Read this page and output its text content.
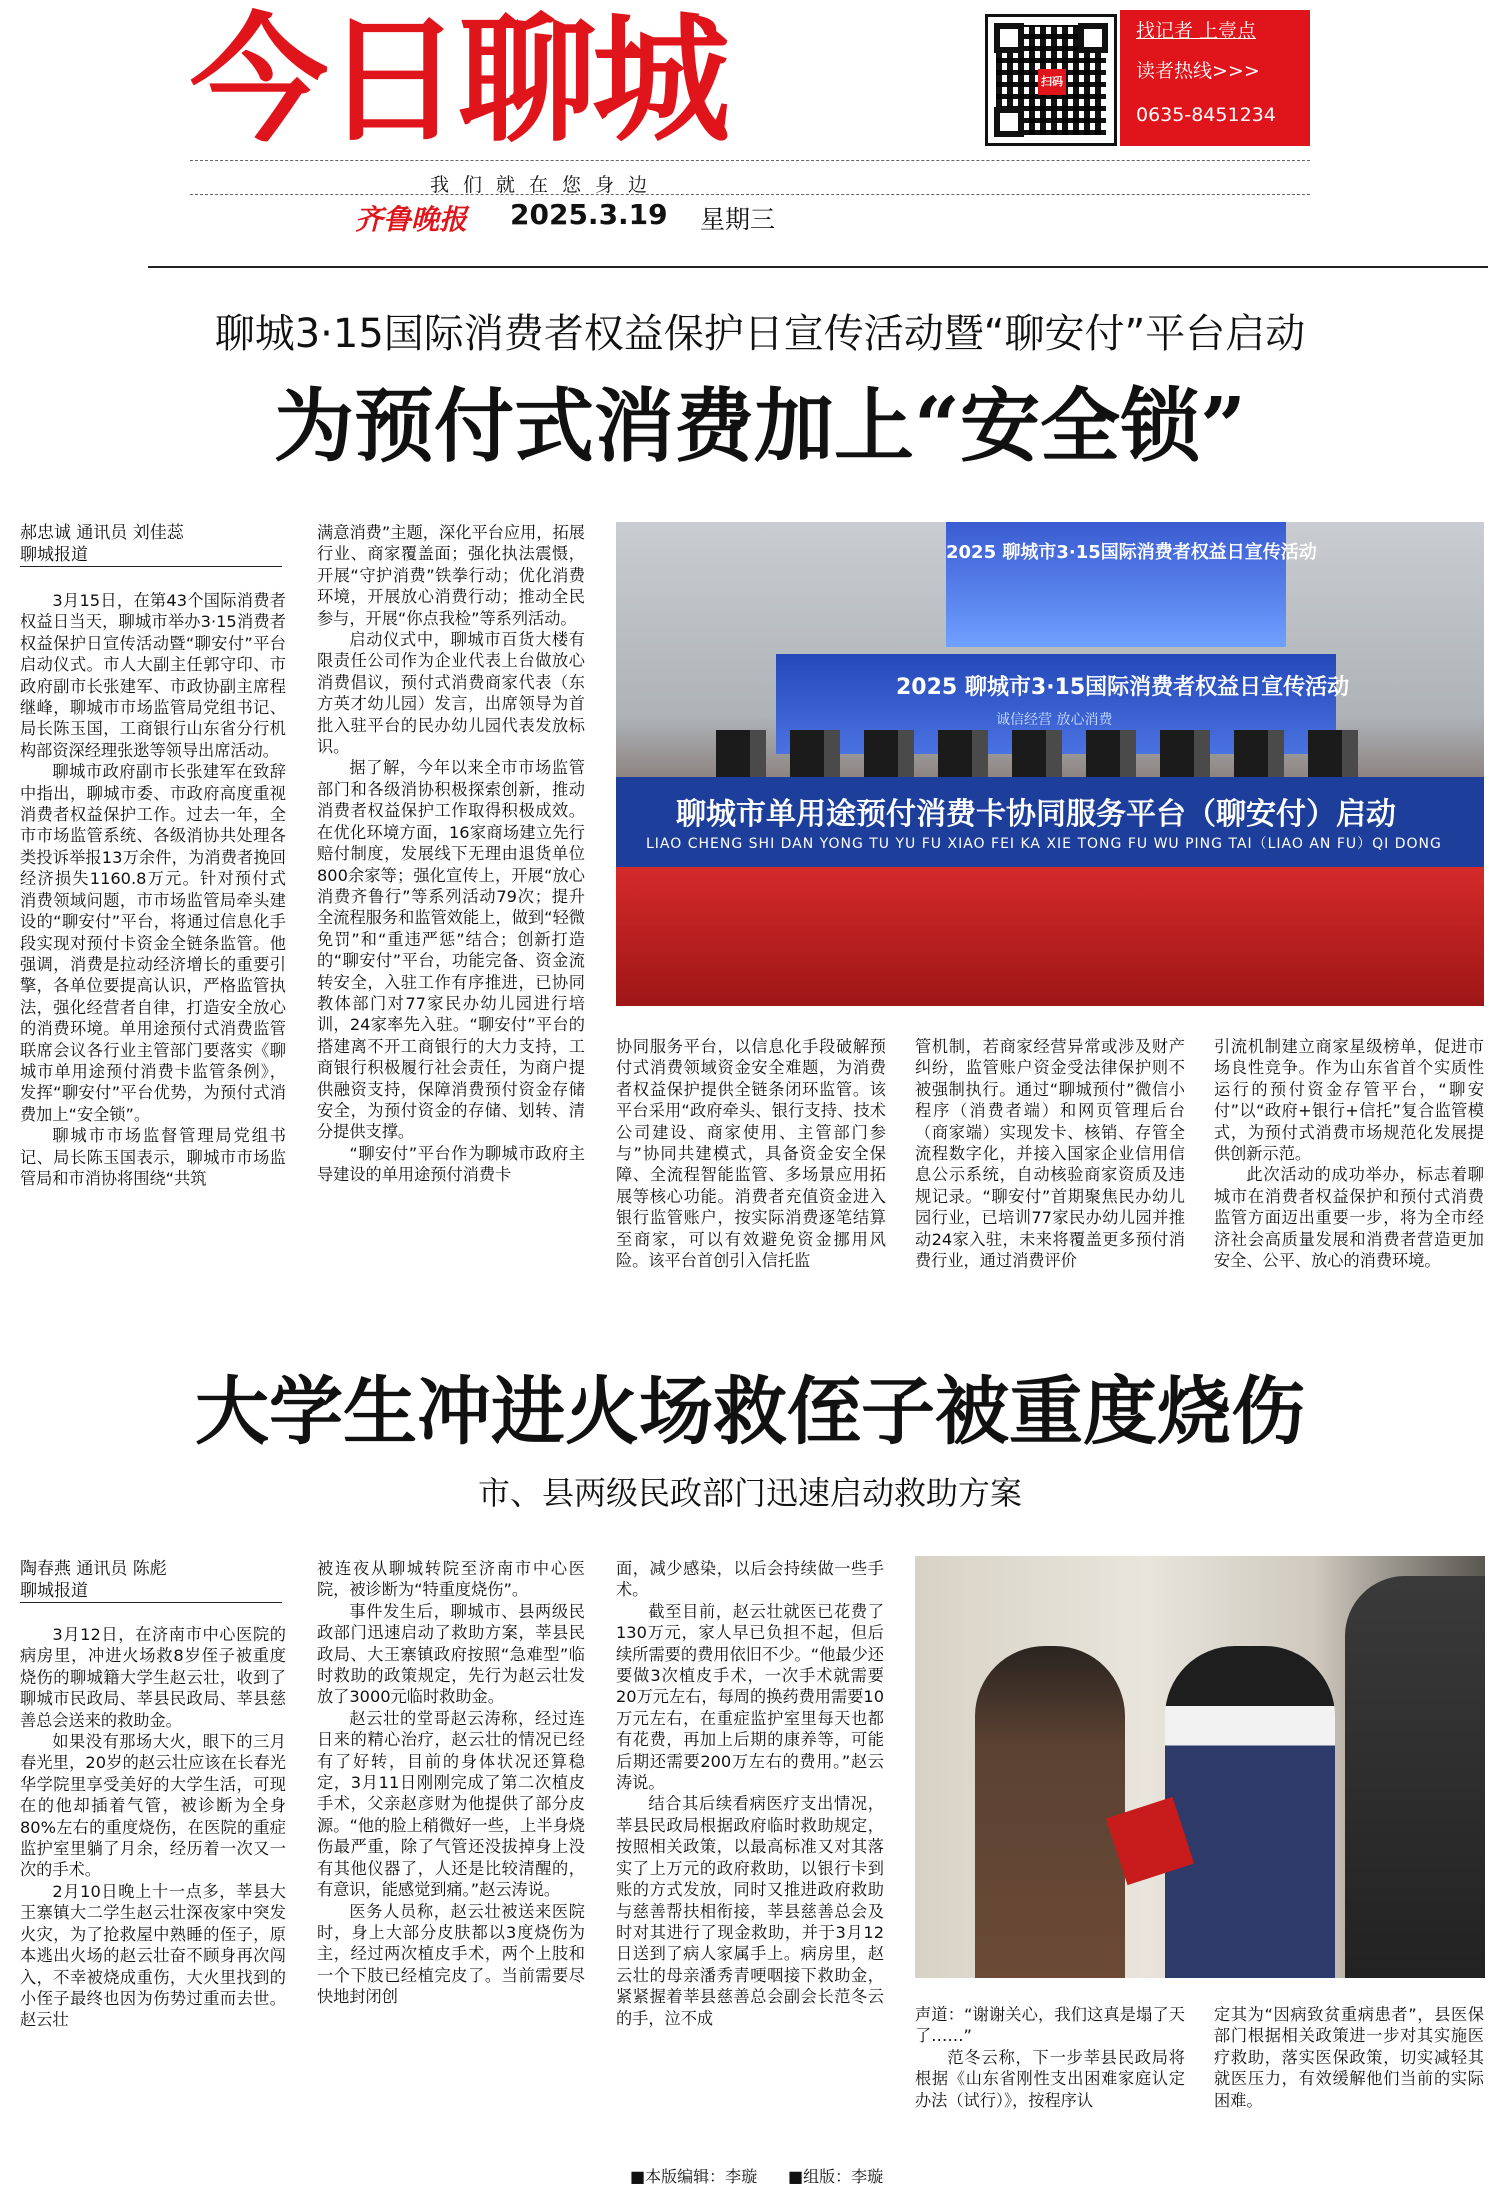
今日聊城	扫码
找记者 上壹点
读者热线>>>
0635-8451234
我们就在您身边
齐鲁晚报 2025.3.19 星期三
聊城3·15国际消费者权益保护日宣传活动暨“聊安付”平台启动
为预付式消费加上“安全锁”
郝忠诚 通讯员 刘佳蕊
聊城报道

3月15日，在第43个国际消费者权益日当天，聊城市举办3·15消费者权益保护日宣传活动暨“聊安付”平台启动仪式。市人大副主任郭守印、市政府副市长张建军、市政协副主席程继峰，聊城市市场监管局党组书记、局长陈玉国，工商银行山东省分行机构部资深经理张逖等领导出席活动。

聊城市政府副市长张建军在致辞中指出，聊城市委、市政府高度重视消费者权益保护工作。过去一年，全市市场监管系统、各级消协共处理各类投诉举报13万余件，为消费者挽回经济损失1160.8万元。针对预付式消费领域问题，市市场监管局牵头建设的“聊安付”平台，将通过信息化手段实现对预付卡资金全链条监管。他强调，消费是拉动经济增长的重要引擎，各单位要提高认识，严格监管执法，强化经营者自律，打造安全放心的消费环境。单用途预付式消费监管联席会议各行业主管部门要落实《聊城市单用途预付消费卡监管条例》，发挥“聊安付”平台优势，为预付式消费加上“安全锁”。

聊城市市场监督管理局党组书记、局长陈玉国表示，聊城市市场监管局和市消协将围绕“共筑

满意消费”主题，深化平台应用，拓展行业、商家覆盖面；强化执法震慑，开展“守护消费”铁拳行动；优化消费环境，开展放心消费行动；推动全民参与，开展“你点我检”等系列活动。

启动仪式中，聊城市百货大楼有限责任公司作为企业代表上台做放心消费倡议，预付式消费商家代表（东方英才幼儿园）发言，出席领导为首批入驻平台的民办幼儿园代表发放标识。

据了解，今年以来全市市场监管部门和各级消协积极探索创新，推动消费者权益保护工作取得积极成效。在优化环境方面，16家商场建立先行赔付制度，发展线下无理由退货单位800余家等；强化宣传上，开展“放心消费齐鲁行”等系列活动79次；提升全流程服务和监管效能上，做到“轻微免罚”和“重违严惩”结合；创新打造的“聊安付”平台，功能完备、资金流转安全，入驻工作有序推进，已协同教体部门对77家民办幼儿园进行培训，24家率先入驻。“聊安付”平台的搭建离不开工商银行的大力支持，工商银行积极履行社会责任，为商户提供融资支持，保障消费预付资金存储安全，为预付资金的存储、划转、清分提供支撑。

“聊安付”平台作为聊城市政府主导建设的单用途预付消费卡

2025 聊城市3·15国际消费者权益日宣传活动
2025 聊城市3·15国际消费者权益日宣传活动
诚信经营 放心消费
聊城市单用途预付消费卡协同服务平台（聊安付）启动
LIAO CHENG SHI DAN YONG TU YU FU XIAO FEI KA XIE TONG FU WU PING TAI（LIAO AN FU）QI DONG

协同服务平台，以信息化手段破解预付式消费领域资金安全难题，为消费者权益保护提供全链条闭环监管。该平台采用“政府牵头、银行支持、技术公司建设、商家使用、主管部门参与”协同共建模式，具备资金安全保障、全流程智能监管、多场景应用拓展等核心功能。消费者充值资金进入银行监管账户，按实际消费逐笔结算至商家，可以有效避免资金挪用风险。该平台首创引入信托监

管机制，若商家经营异常或涉及财产纠纷，监管账户资金受法律保护则不被强制执行。通过“聊城预付”微信小程序（消费者端）和网页管理后台（商家端）实现发卡、核销、存管全流程数字化，并接入国家企业信用信息公示系统，自动核验商家资质及违规记录。“聊安付”首期聚焦民办幼儿园行业，已培训77家民办幼儿园并推动24家入驻，未来将覆盖更多预付消费行业，通过消费评价

引流机制建立商家星级榜单，促进市场良性竞争。作为山东省首个实质性运行的预付资金存管平台，“聊安付”以“政府+银行+信托”复合监管模式，为预付式消费市场规范化发展提供创新示范。

此次活动的成功举办，标志着聊城市在消费者权益保护和预付式消费监管方面迈出重要一步，将为全市经济社会高质量发展和消费者营造更加安全、公平、放心的消费环境。

大学生冲进火场救侄子被重度烧伤
市、县两级民政部门迅速启动救助方案
陶春燕 通讯员 陈彪
聊城报道

3月12日，在济南市中心医院的病房里，冲进火场救8岁侄子被重度烧伤的聊城籍大学生赵云壮，收到了聊城市民政局、莘县民政局、莘县慈善总会送来的救助金。

如果没有那场大火，眼下的三月春光里，20岁的赵云壮应该在长春光华学院里享受美好的大学生活，可现在的他却插着气管，被诊断为全身80%左右的重度烧伤，在医院的重症监护室里躺了月余，经历着一次又一次的手术。

2月10日晚上十一点多，莘县大王寨镇大二学生赵云壮深夜家中突发火灾，为了抢救屋中熟睡的侄子，原本逃出火场的赵云壮奋不顾身再次闯入，不幸被烧成重伤，大火里找到的小侄子最终也因为伤势过重而去世。赵云壮

被连夜从聊城转院至济南市中心医院，被诊断为“特重度烧伤”。

事件发生后，聊城市、县两级民政部门迅速启动了救助方案，莘县民政局、大王寨镇政府按照“急难型”临时救助的政策规定，先行为赵云壮发放了3000元临时救助金。

赵云壮的堂哥赵云涛称，经过连日来的精心治疗，赵云壮的情况已经有了好转，目前的身体状况还算稳定，3月11日刚刚完成了第二次植皮手术，父亲赵彦财为他提供了部分皮源。“他的脸上稍微好一些，上半身烧伤最严重，除了气管还没拔掉身上没有其他仪器了，人还是比较清醒的，有意识，能感觉到痛。”赵云涛说。

医务人员称，赵云壮被送来医院时，身上大部分皮肤都以3度烧伤为主，经过两次植皮手术，两个上肢和一个下肢已经植完皮了。当前需要尽快地封闭创

面，减少感染，以后会持续做一些手术。

截至目前，赵云壮就医已花费了130万元，家人早已负担不起，但后续所需要的费用依旧不少。“他最少还要做3次植皮手术，一次手术就需要20万元左右，每周的换药费用需要10万元左右，在重症监护室里每天也都有花费，再加上后期的康养等，可能后期还需要200万左右的费用。”赵云涛说。

结合其后续看病医疗支出情况，莘县民政局根据政府临时救助规定，按照相关政策，以最高标准又对其落实了上万元的政府救助，以银行卡到账的方式发放，同时又推进政府救助与慈善帮扶相衔接，莘县慈善总会及时对其进行了现金救助，并于3月12日送到了病人家属手上。病房里，赵云壮的母亲潘秀青哽咽接下救助金，紧紧握着莘县慈善总会副会长范冬云的手，泣不成	声道：“谢谢关心，我们这真是塌了天了……”

范冬云称，下一步莘县民政局将根据《山东省刚性支出困难家庭认定办法（试行）》，按程序认

定其为“因病致贫重病患者”，县医保部门根据相关政策进一步对其实施医疗救助，落实医保政策，切实减轻其就医压力，有效缓解他们当前的实际困难。

■本版编辑：李璇 ■组版：李璇
